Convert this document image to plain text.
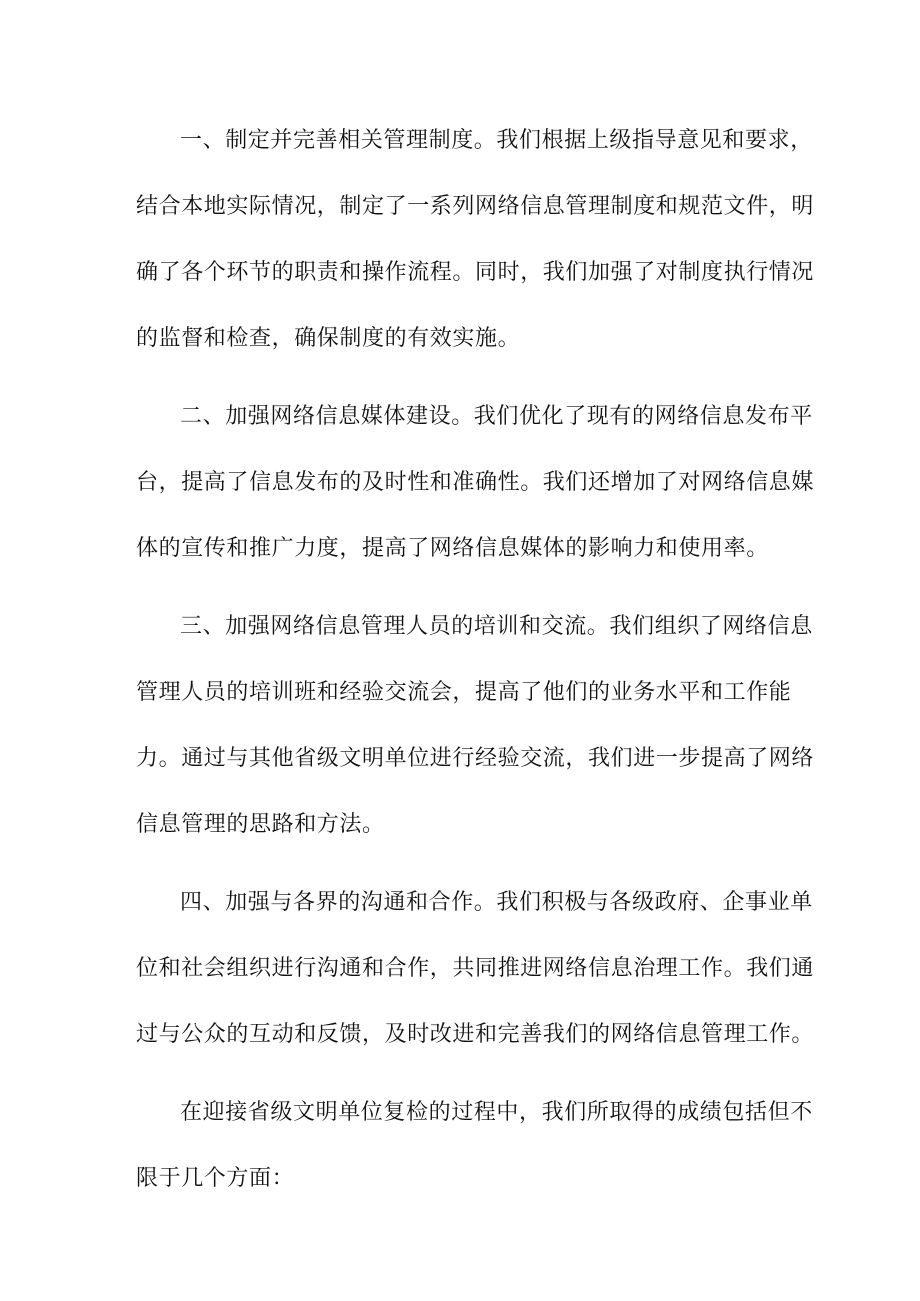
一、制定并完善相关管理制度。我们根据上级指导意见和要求，
结合本地实际情况，制定了一系列网络信息管理制度和规范文件，明
确了各个环节的职责和操作流程。同时，我们加强了对制度执行情况
的监督和检查，确保制度的有效实施。
二、加强网络信息媒体建设。我们优化了现有的网络信息发布平
台，提高了信息发布的及时性和准确性。我们还增加了对网络信息媒
体的宣传和推广力度，提高了网络信息媒体的影响力和使用率。
三、加强网络信息管理人员的培训和交流。我们组织了网络信息
管理人员的培训班和经验交流会，提高了他们的业务水平和工作能
力。通过与其他省级文明单位进行经验交流，我们进一步提高了网络
信息管理的思路和方法。
四、加强与各界的沟通和合作。我们积极与各级政府、企事业单
位和社会组织进行沟通和合作，共同推进网络信息治理工作。我们通
过与公众的互动和反馈，及时改进和完善我们的网络信息管理工作。
在迎接省级文明单位复检的过程中，我们所取得的成绩包括但不
限于几个方面：
